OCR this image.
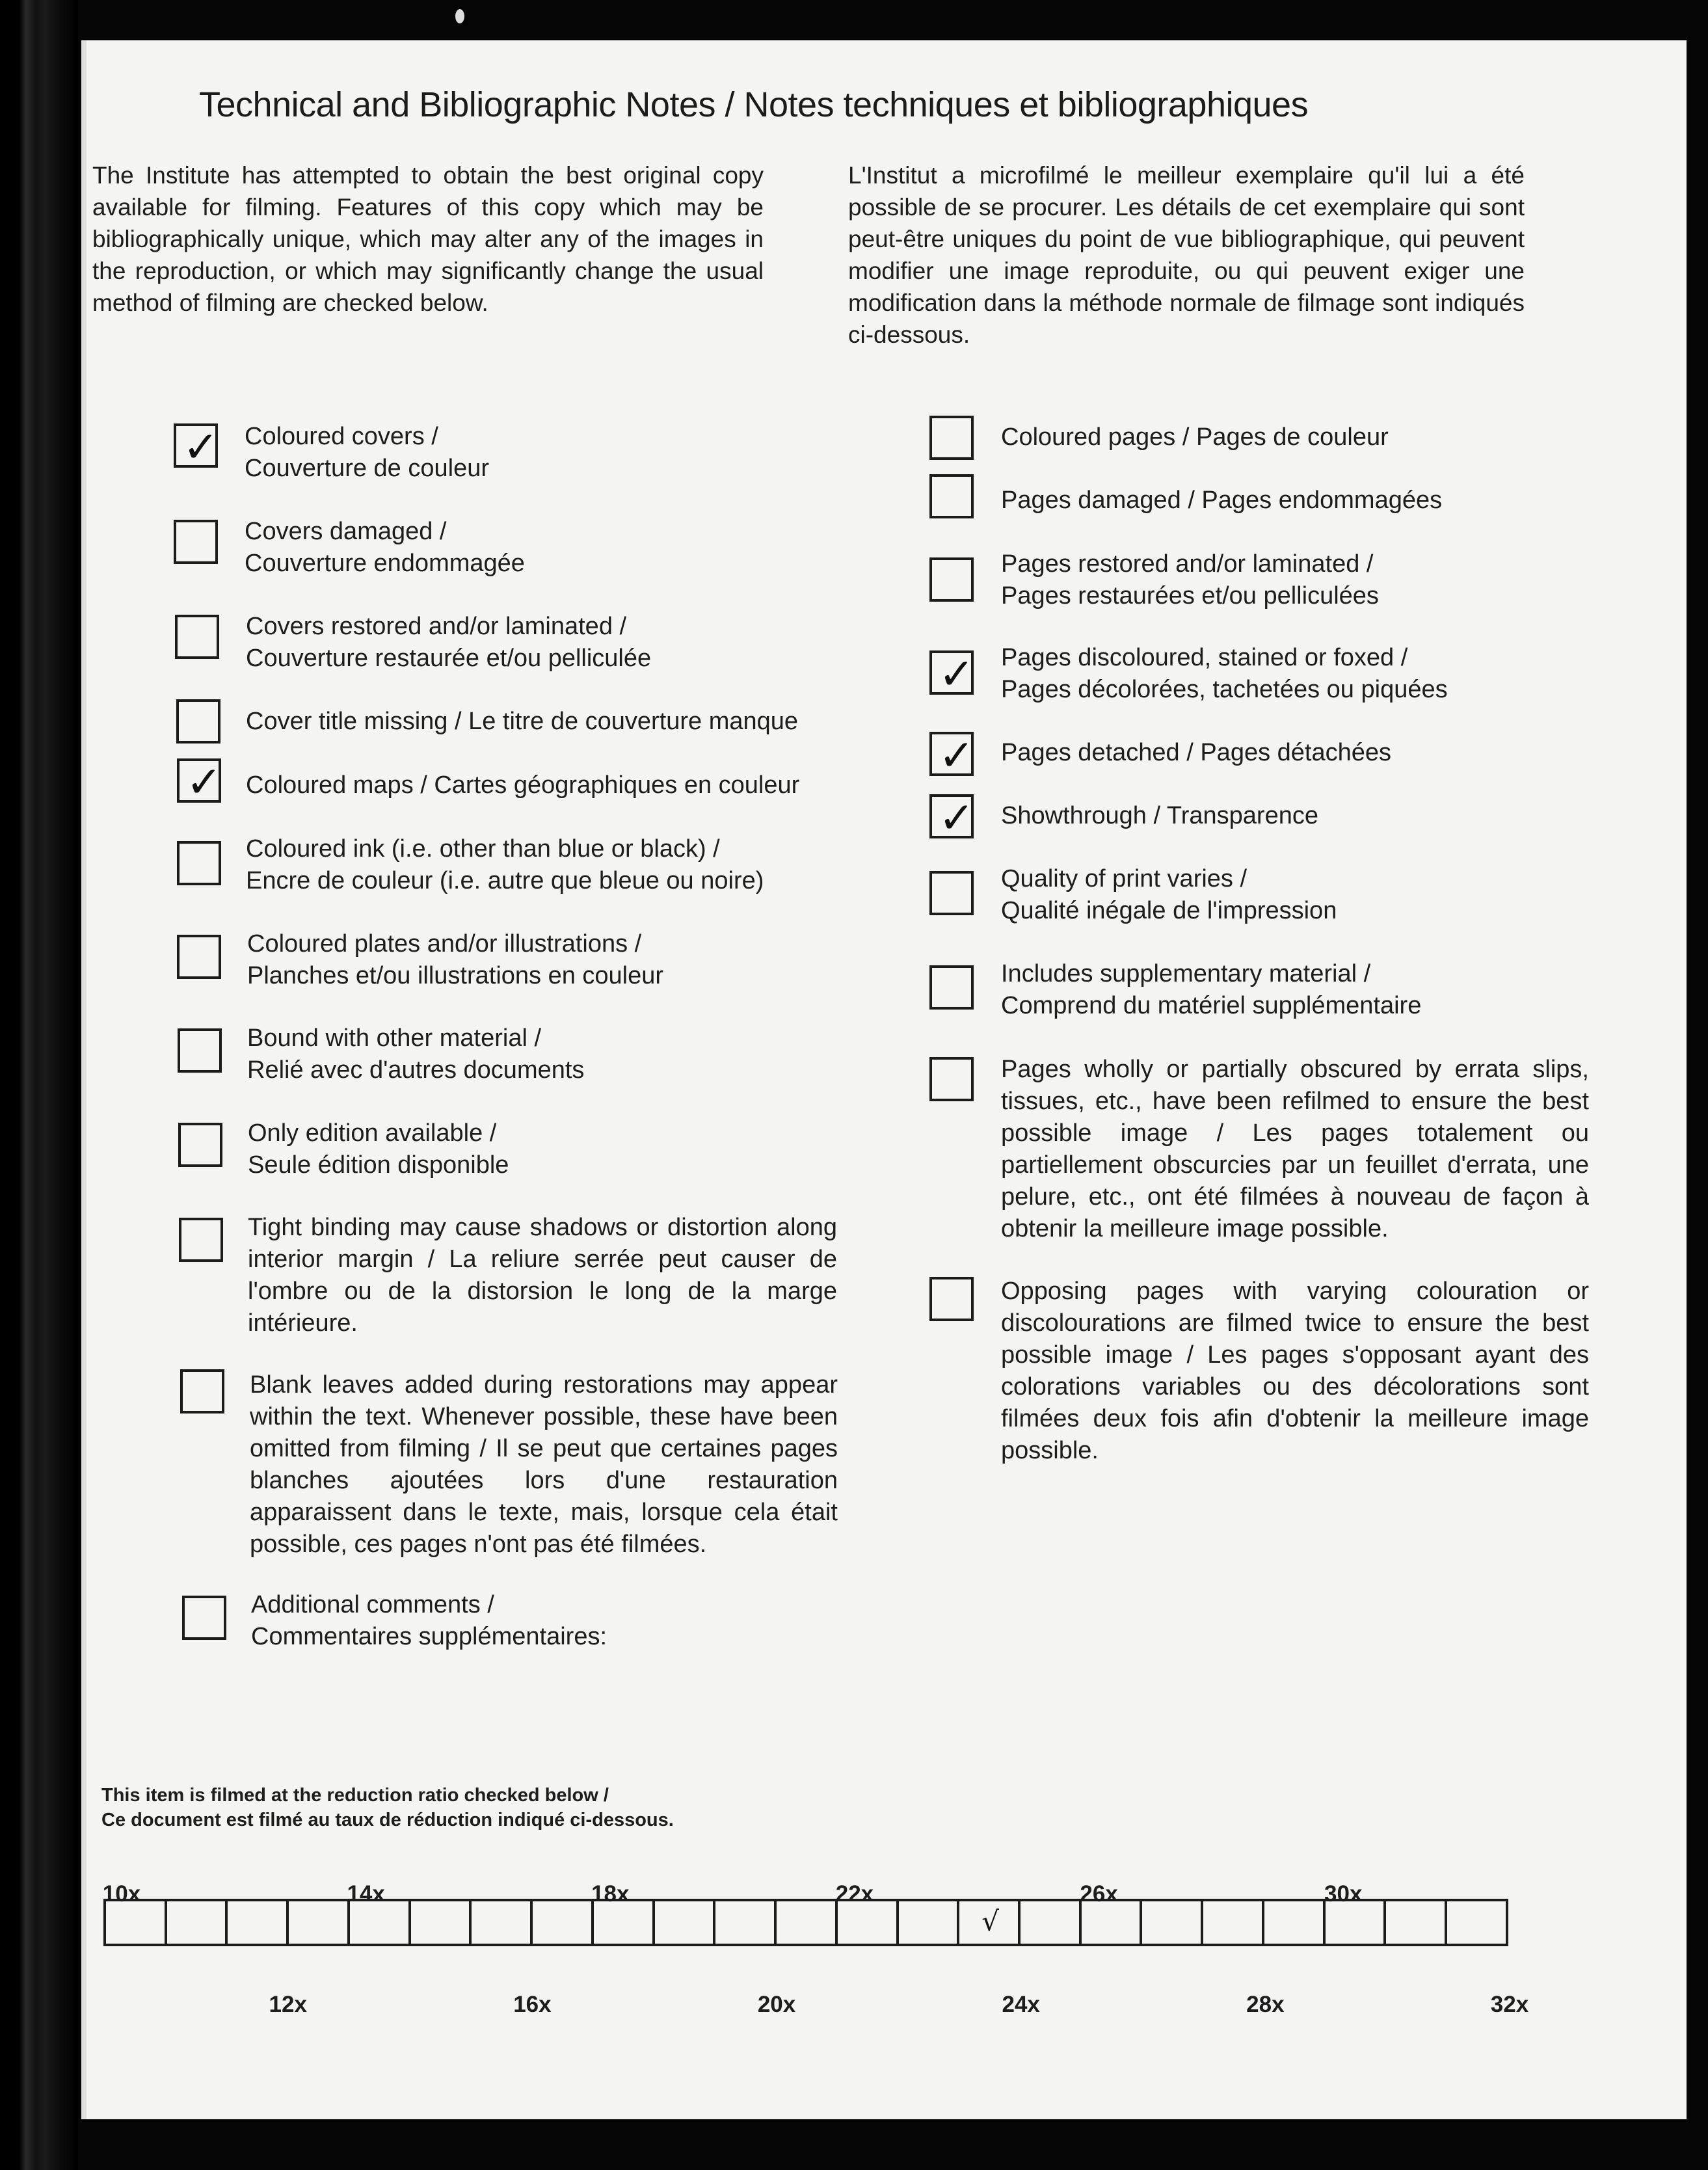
Technical and Bibliographic Notes / Notes techniques et bibliographiques

The Institute has attempted to obtain the best original copy available for filming. Features of this copy which may be bibliographically unique, which may alter any of the images in the reproduction, or which may significantly change the usual method of filming are checked below.

L'Institut a microfilmé le meilleur exemplaire qu'il lui a été possible de se procurer. Les détails de cet exemplaire qui sont peut-être uniques du point de vue bibliographique, qui peuvent modifier une image reproduite, ou qui peuvent exiger une modification dans la méthode normale de filmage sont indiqués ci-dessous.

✓ Coloured covers /
Couverture de couleur

Covers damaged /
Couverture endommagée

Covers restored and/or laminated /
Couverture restaurée et/ou pelliculée

Cover title missing / Le titre de couverture manque

✓ Coloured maps / Cartes géographiques en couleur

Coloured ink (i.e. other than blue or black) /
Encre de couleur (i.e. autre que bleue ou noire)

Coloured plates and/or illustrations /
Planches et/ou illustrations en couleur

Bound with other material /
Relié avec d'autres documents

Only edition available /
Seule édition disponible

Tight binding may cause shadows or distortion along interior margin / La reliure serrée peut causer de l'ombre ou de la distorsion le long de la marge intérieure.

Blank leaves added during restorations may appear within the text. Whenever possible, these have been omitted from filming / Il se peut que certaines pages blanches ajoutées lors d'une restauration apparaissent dans le texte, mais, lorsque cela était possible, ces pages n'ont pas été filmées.

Additional comments /
Commentaires supplémentaires:

Coloured pages / Pages de couleur

Pages damaged / Pages endommagées

Pages restored and/or laminated /
Pages restaurées et/ou pelliculées

✓ Pages discoloured, stained or foxed /
Pages décolorées, tachetées ou piquées

✓ Pages detached / Pages détachées

✓ Showthrough / Transparence

Quality of print varies /
Qualité inégale de l'impression

Includes supplementary material /
Comprend du matériel supplémentaire

Pages wholly or partially obscured by errata slips, tissues, etc., have been refilmed to ensure the best possible image / Les pages totalement ou partiellement obscurcies par un feuillet d'errata, une pelure, etc., ont été filmées à nouveau de façon à obtenir la meilleure image possible.

Opposing pages with varying colouration or discolourations are filmed twice to ensure the best possible image / Les pages s'opposant ayant des colorations variables ou des décolorations sont filmées deux fois afin d'obtenir la meilleure image possible.

This item is filmed at the reduction ratio checked below /
Ce document est filmé au taux de réduction indiqué ci-dessous.

10x	14x	18x	22x	26x	30x
√
12x	16x	20x	24x	28x	32x
